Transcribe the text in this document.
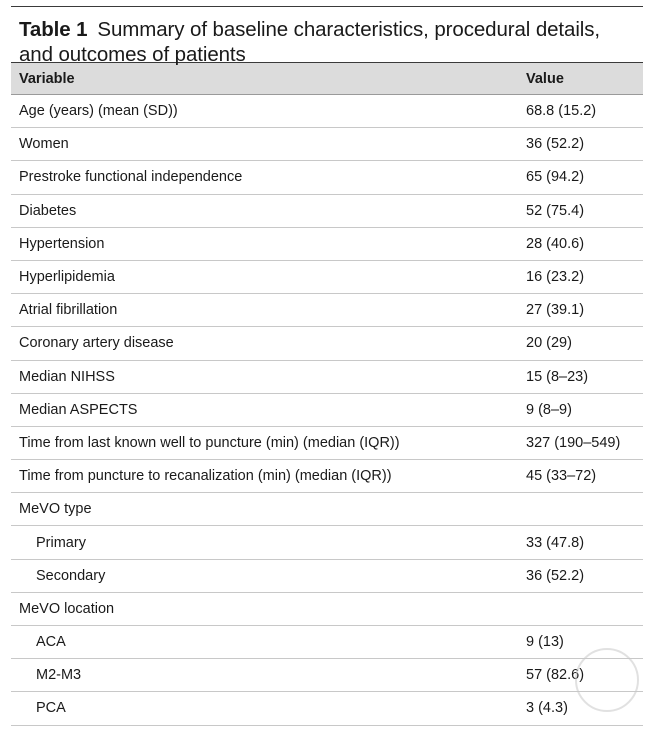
Table 1 Summary of baseline characteristics, procedural details, and outcomes of patients
Variable	Value
Age (years) (mean (SD))	68.8 (15.2)
Women	36 (52.2)
Prestroke functional independence	65 (94.2)
Diabetes	52 (75.4)
Hypertension	28 (40.6)
Hyperlipidemia	16 (23.2)
Atrial fibrillation	27 (39.1)
Coronary artery disease	20 (29)
Median NIHSS	15 (8–23)
Median ASPECTS	9 (8–9)
Time from last known well to puncture (min) (median (IQR))	327 (190–549)
Time from puncture to recanalization (min) (median (IQR))	45 (33–72)
MeVO type
Primary	33 (47.8)
Secondary	36 (52.2)
MeVO location
ACA	9 (13)
M2-M3	57 (82.6)
PCA	3 (4.3)
